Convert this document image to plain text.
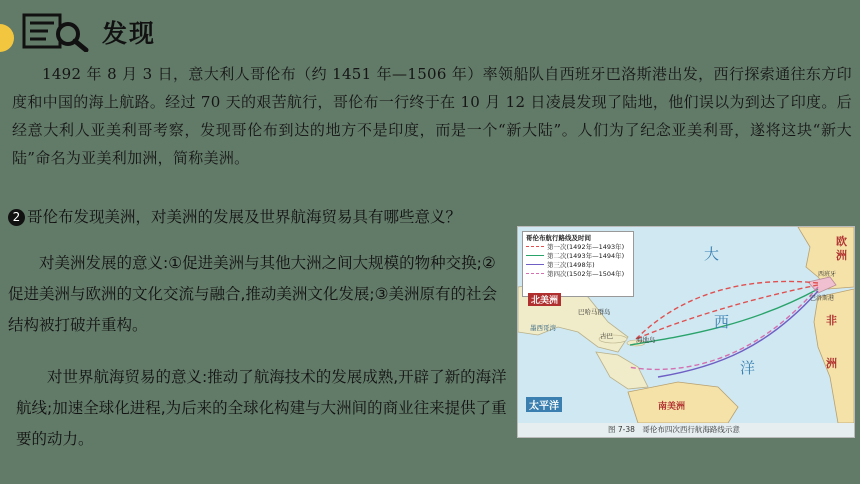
发现
1492 年 8 月 3 日，意大利人哥伦布（约 1451 年—1506 年）率领船队自西班牙巴洛斯港出发，西行探索通往东方印度和中国的海上航路。经过 70 天的艰苦航行，哥伦布一行终于在 10 月 12 日凌晨发现了陆地，他们误以为到达了印度。后经意大利人亚美利哥考察，发现哥伦布到达的地方不是印度，而是一个“新大陆”。人们为了纪念亚美利哥，遂将这块“新大陆”命名为亚美利加洲，简称美洲。
2 哥伦布发现美洲，对美洲的发展及世界航海贸易具有哪些意义？
对美洲发展的意义:①促进美洲与其他大洲之间大规模的物种交换;②促进美洲与欧洲的文化交流与融合,推动美洲文化发展;③美洲原有的社会结构被打破并重构。
对世界航海贸易的意义:推动了航海技术的发展成熟,开辟了新的海洋航线;加速全球化进程,为后来的全球化构建与大洲间的商业往来提供了重要的动力。
哥伦布航行路线及时间
第一次(1492年—1493年)
第二次(1493年—1494年)
第三次(1498年)
第四次(1502年—1504年)
大
西
洋
欧
洲
非
洲
北美洲
南美洲
太平洋
墨西哥湾
巴哈马群岛
海地岛
古巴
西班牙
巴洛斯港
图 7-38　哥伦布四次西行航海路线示意
